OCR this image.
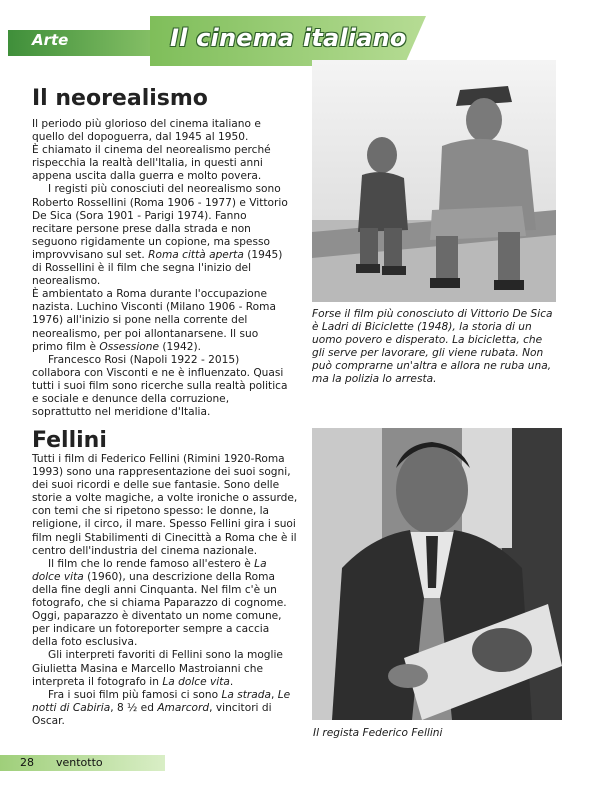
Arte	Il cinema italiano
Il neorealismo

Il periodo più glorioso del cinema italiano e quello del dopoguerra, dal 1945 al 1950.

È chiamato il cinema del neorealismo perché rispecchia la realtà dell'Italia, in questi anni appena uscita dalla guerra e molto povera.

I registi più conosciuti del neorealismo sono Roberto Rossellini (Roma 1906 - 1977) e Vittorio De Sica (Sora 1901 - Parigi 1974). Fanno recitare persone prese dalla strada e non seguono rigidamente un copione, ma spesso improvvisano sul set. Roma città aperta (1945) di Rossellini è il film che segna l'inizio del neorealismo.

È ambientato a Roma durante l'occupazione nazista. Luchino Visconti (Milano 1906 - Roma 1976) all'inizio si pone nella corrente del neorealismo, per poi allontanarsene. Il suo primo film è Ossessione (1942).

Francesco Rosi (Napoli 1922 - 2015) collabora con Visconti e ne è influenzato. Quasi tutti i suoi film sono ricerche sulla realtà politica e sociale e denunce della corruzione, soprattutto nel meridione d'Italia.

Forse il film più conosciuto di Vittorio De Sica è Ladri di Biciclette (1948), la storia di un uomo povero e disperato. La bicicletta, che gli serve per lavorare, gli viene rubata. Non può comprarne un'altra e allora ne ruba una, ma la polizia lo arresta.
Fellini

Tutti i film di Federico Fellini (Rimini 1920-Roma 1993) sono una rappresentazione dei suoi sogni, dei suoi ricordi e delle sue fantasie. Sono delle storie a volte magiche, a volte ironiche o assurde, con temi che si ripetono spesso: le donne, la religione, il circo, il mare. Spesso Fellini gira i suoi film negli Stabilimenti di Cinecittà a Roma che è il centro dell'industria del cinema nazionale.

Il film che lo rende famoso all'estero è La dolce vita (1960), una descrizione della Roma della fine degli anni Cinquanta. Nel film c'è un fotografo, che si chiama Paparazzo di cognome. Oggi, paparazzo è diventato un nome comune, per indicare un fotoreporter sempre a caccia della foto esclusiva.

Gli interpreti favoriti di Fellini sono la moglie Giulietta Masina e Marcello Mastroianni che interpreta il fotografo in La dolce vita.

Fra i suoi film più famosi ci sono La strada, Le notti di Cabiria, 8 ½ ed Amarcord, vincitori di Oscar.

Il regista Federico Fellini
28 ventotto
